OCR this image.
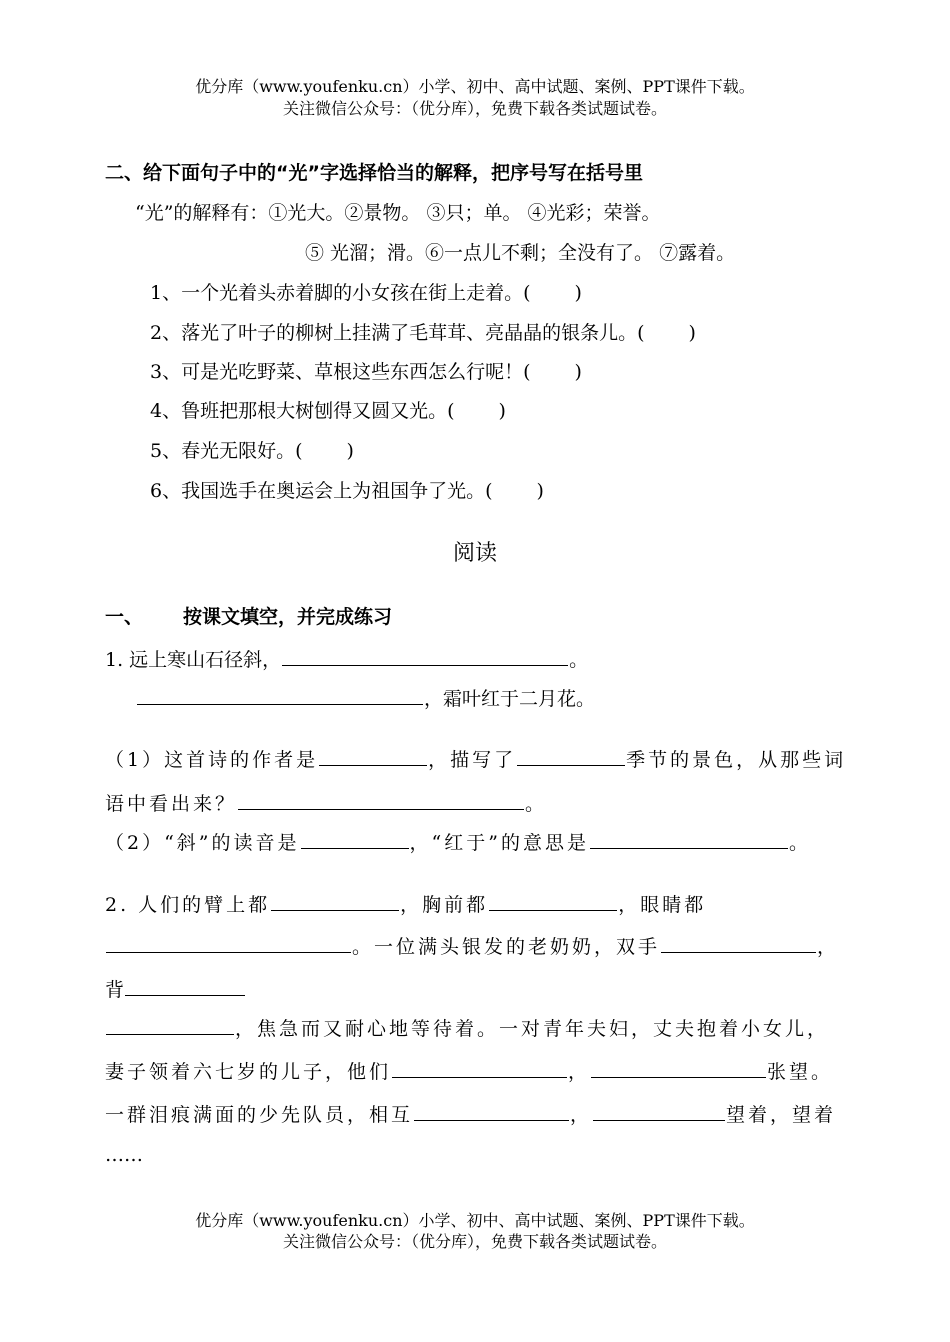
优分库（www.youfenku.cn）小学、初中、高中试题、案例、PPT课件下载。
关注微信公众号：（优分库），免费下载各类试题试卷。
二、给下面句子中的“光”字选择恰当的解释，把序号写在括号里
“光”的解释有：①光大。②景物。 ③只；单。 ④光彩；荣誉。
⑤ 光溜；滑。⑥一点儿不剩；全没有了。 ⑦露着。
1、一个光着头赤着脚的小女孩在街上走着。(　　 )
2、落光了叶子的柳树上挂满了毛茸茸、亮晶晶的银条儿。(　　 )
3、可是光吃野菜、草根这些东西怎么行呢！(　　 )
4、鲁班把那根大树刨得又圆又光。(　　 )
5、春光无限好。(　　 )
6、我国选手在奥运会上为祖国争了光。(　　 )
阅读
一、 按课文填空，并完成练习
1. 远上寒山石径斜，	。
，霜叶红于二月花。
（1）这首诗的作者是	，描写了	季节的景色，从那些词
语中看出来？	。
（2）“斜”的读音是	，“红于”的意思是	。
2. 人们的臂上都	，胸前都	，眼睛都
。一位满头银发的老奶奶，双手	，
背
，焦急而又耐心地等待着。一对青年夫妇，丈夫抱着小女儿，
妻子领着六七岁的儿子，他们	，	张望。
一群泪痕满面的少先队员，相互	，	望着，望着
……
优分库（www.youfenku.cn）小学、初中、高中试题、案例、PPT课件下载。
关注微信公众号：（优分库），免费下载各类试题试卷。
